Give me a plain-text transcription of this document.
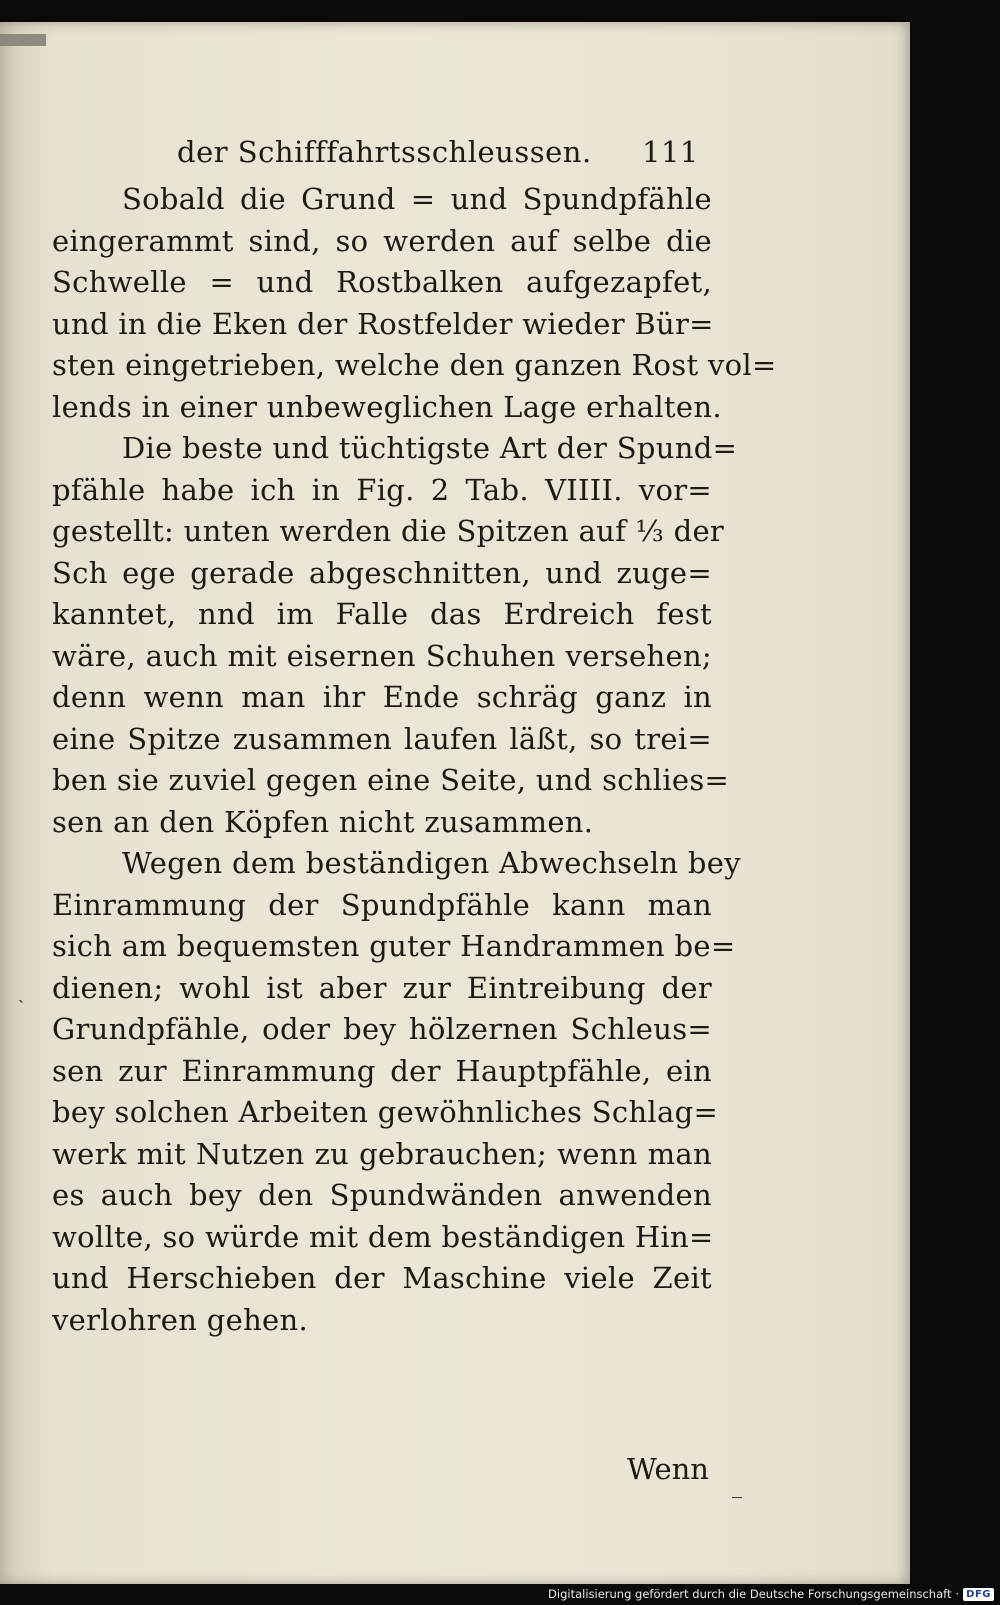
`
der Schifffahrtsschleussen. 111

Sobald die Grund = und Spundpfähle
eingerammt sind, so werden auf selbe die
Schwelle = und Rostbalken aufgezapfet,
und in die Eken der Rostfelder wieder Bür=
sten eingetrieben, welche den ganzen Rost vol=
lends in einer unbeweglichen Lage erhalten.

Die beste und tüchtigste Art der Spund=
pfähle habe ich in Fig. 2 Tab. VIIII. vor=
gestellt: unten werden die Spitzen auf ⅓ der
Sch ege gerade abgeschnitten, und zuge=
kanntet, nnd im Falle das Erdreich fest
wäre, auch mit eisernen Schuhen versehen;
denn wenn man ihr Ende schräg ganz in
eine Spitze zusammen laufen läßt, so trei=
ben sie zuviel gegen eine Seite, und schlies=
sen an den Köpfen nicht zusammen.

Wegen dem beständigen Abwechseln bey
Einrammung der Spundpfähle kann man
sich am bequemsten guter Handrammen be=
dienen; wohl ist aber zur Eintreibung der
Grundpfähle, oder bey hölzernen Schleus=
sen zur Einrammung der Hauptpfähle, ein
bey solchen Arbeiten gewöhnliches Schlag=
werk mit Nutzen zu gebrauchen; wenn man
es auch bey den Spundwänden anwenden
wollte, so würde mit dem beständigen Hin=
und Herschieben der Maschine viele Zeit
verlohren gehen.

Wenn
Digitalisierung gefördert durch die Deutsche Forschungsgemeinschaft · DFG
